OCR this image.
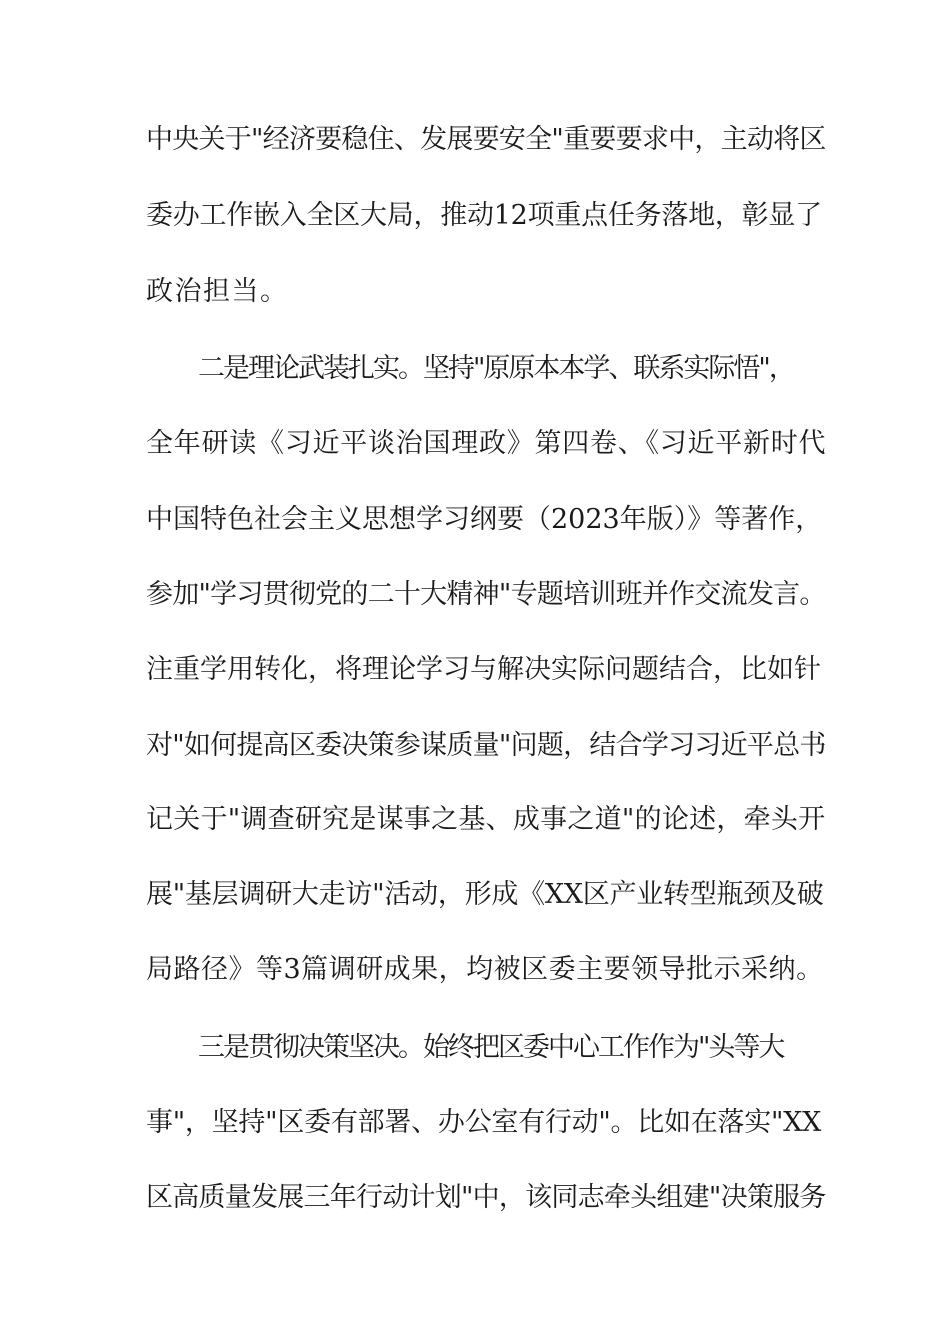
中央关于"经济要稳住、发展要安全"重要要求中，主动将区
委办工作嵌入全区大局，推动12项重点任务落地，彰显了
政治担当。
二是理论武装扎实。坚持"原原本本学、联系实际悟"，
全年研读《习近平谈治国理政》第四卷、《习近平新时代
中国特色社会主义思想学习纲要（2023年版）》等著作，
参加"学习贯彻党的二十大精神"专题培训班并作交流发言。
注重学用转化，将理论学习与解决实际问题结合，比如针
对"如何提高区委决策参谋质量"问题，结合学习习近平总书
记关于"调查研究是谋事之基、成事之道"的论述，牵头开
展"基层调研大走访"活动，形成《XX区产业转型瓶颈及破
局路径》等3篇调研成果，均被区委主要领导批示采纳。
三是贯彻决策坚决。始终把区委中心工作作为"头等大
事"，坚持"区委有部署、办公室有行动"。比如在落实"XX
区高质量发展三年行动计划"中，该同志牵头组建"决策服务
